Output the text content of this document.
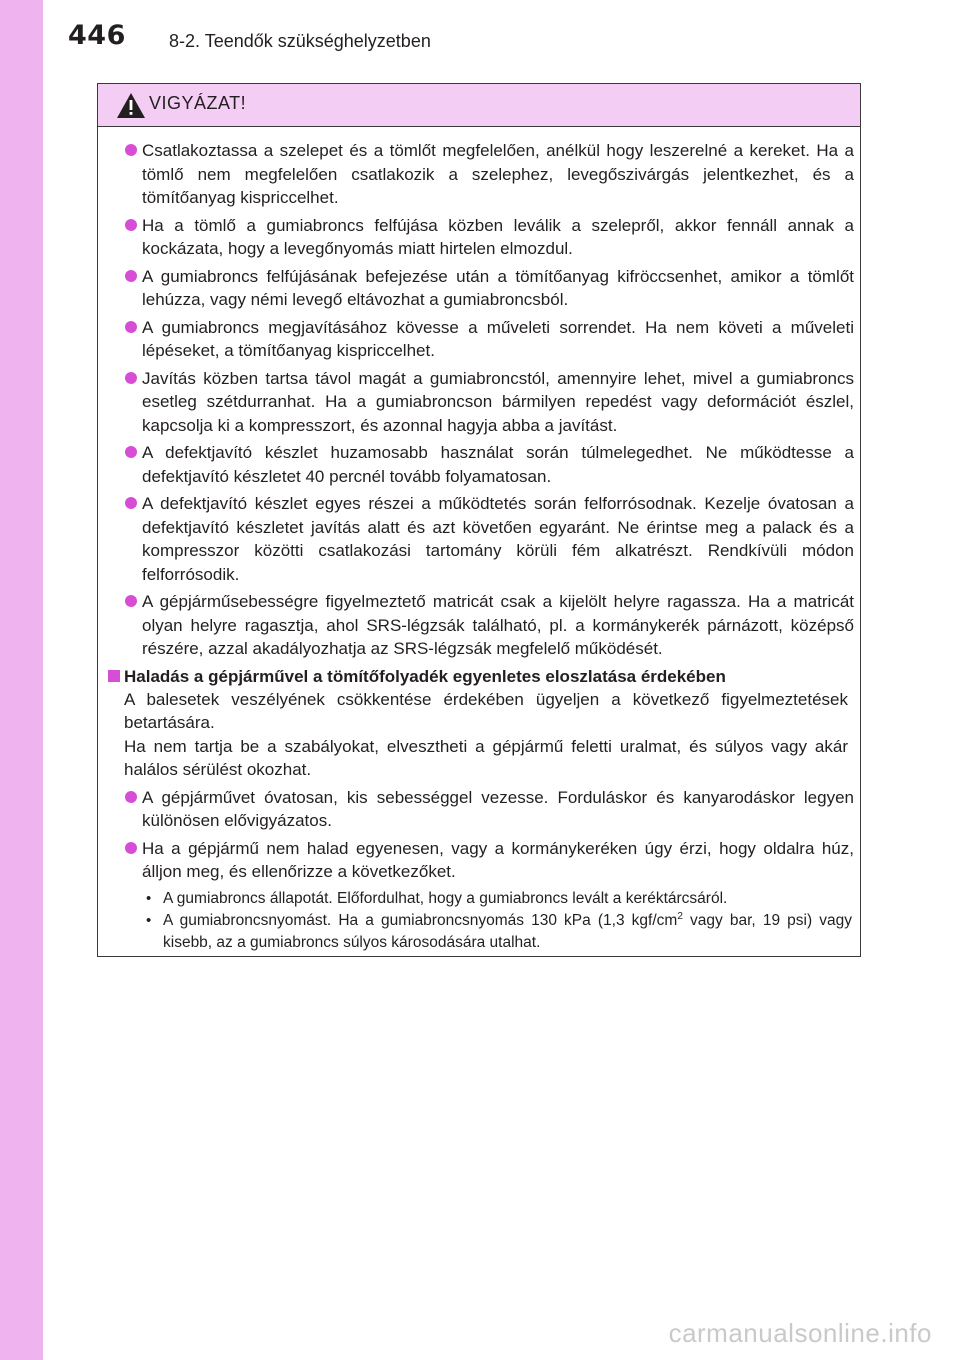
446 8-2. Teendők szükséghelyzetben
VIGYÁZAT!
Csatlakoztassa a szelepet és a tömlőt megfelelően, anélkül hogy leszerelné a kereket. Ha a tömlő nem megfelelően csatlakozik a szelephez, levegőszivárgás jelentkezhet, és a tömítőanyag kispriccelhet.
Ha a tömlő a gumiabroncs felfújása közben leválik a szelepről, akkor fennáll annak a kockázata, hogy a levegőnyomás miatt hirtelen elmozdul.
A gumiabroncs felfújásának befejezése után a tömítőanyag kifröccsenhet, amikor a tömlőt lehúzza, vagy némi levegő eltávozhat a gumiabroncsból.
A gumiabroncs megjavításához kövesse a műveleti sorrendet. Ha nem követi a műveleti lépéseket, a tömítőanyag kispriccelhet.
Javítás közben tartsa távol magát a gumiabroncstól, amennyire lehet, mivel a gumiabroncs esetleg szétdurranhat. Ha a gumiabroncson bármilyen repedést vagy deformációt észlel, kapcsolja ki a kompresszort, és azonnal hagyja abba a javítást.
A defektjavító készlet huzamosabb használat során túlmelegedhet. Ne működtesse a defektjavító készletet 40 percnél tovább folyamatosan.
A defektjavító készlet egyes részei a működtetés során felforrósodnak. Kezelje óvatosan a defektjavító készletet javítás alatt és azt követően egyaránt. Ne érintse meg a palack és a kompresszor közötti csatlakozási tartomány körüli fém alkatrészt. Rendkívüli módon felforrósodik.
A gépjárműsebességre figyelmeztető matricát csak a kijelölt helyre ragassza. Ha a matricát olyan helyre ragasztja, ahol SRS-légzsák található, pl. a kormánykerék párnázott, középső részére, azzal akadályozhatja az SRS-légzsák megfelelő működését.
Haladás a gépjárművel a tömítőfolyadék egyenletes eloszlatása érdekében
A balesetek veszélyének csökkentése érdekében ügyeljen a következő figyelmeztetések betartására.
Ha nem tartja be a szabályokat, elvesztheti a gépjármű feletti uralmat, és súlyos vagy akár halálos sérülést okozhat.
A gépjárművet óvatosan, kis sebességgel vezesse. Forduláskor és kanyarodáskor legyen különösen elővigyázatos.
Ha a gépjármű nem halad egyenesen, vagy a kormánykeréken úgy érzi, hogy oldalra húz, álljon meg, és ellenőrizze a következőket.
• A gumiabroncs állapotát. Előfordulhat, hogy a gumiabroncs levált a keréktárcsáról.
• A gumiabroncsnyomást. Ha a gumiabroncsnyomás 130 kPa (1,3 kgf/$cm^2$ vagy bar, 19 psi) vagy kisebb, az a gumiabroncs súlyos károsodására utalhat.
carmanualsonline.info
